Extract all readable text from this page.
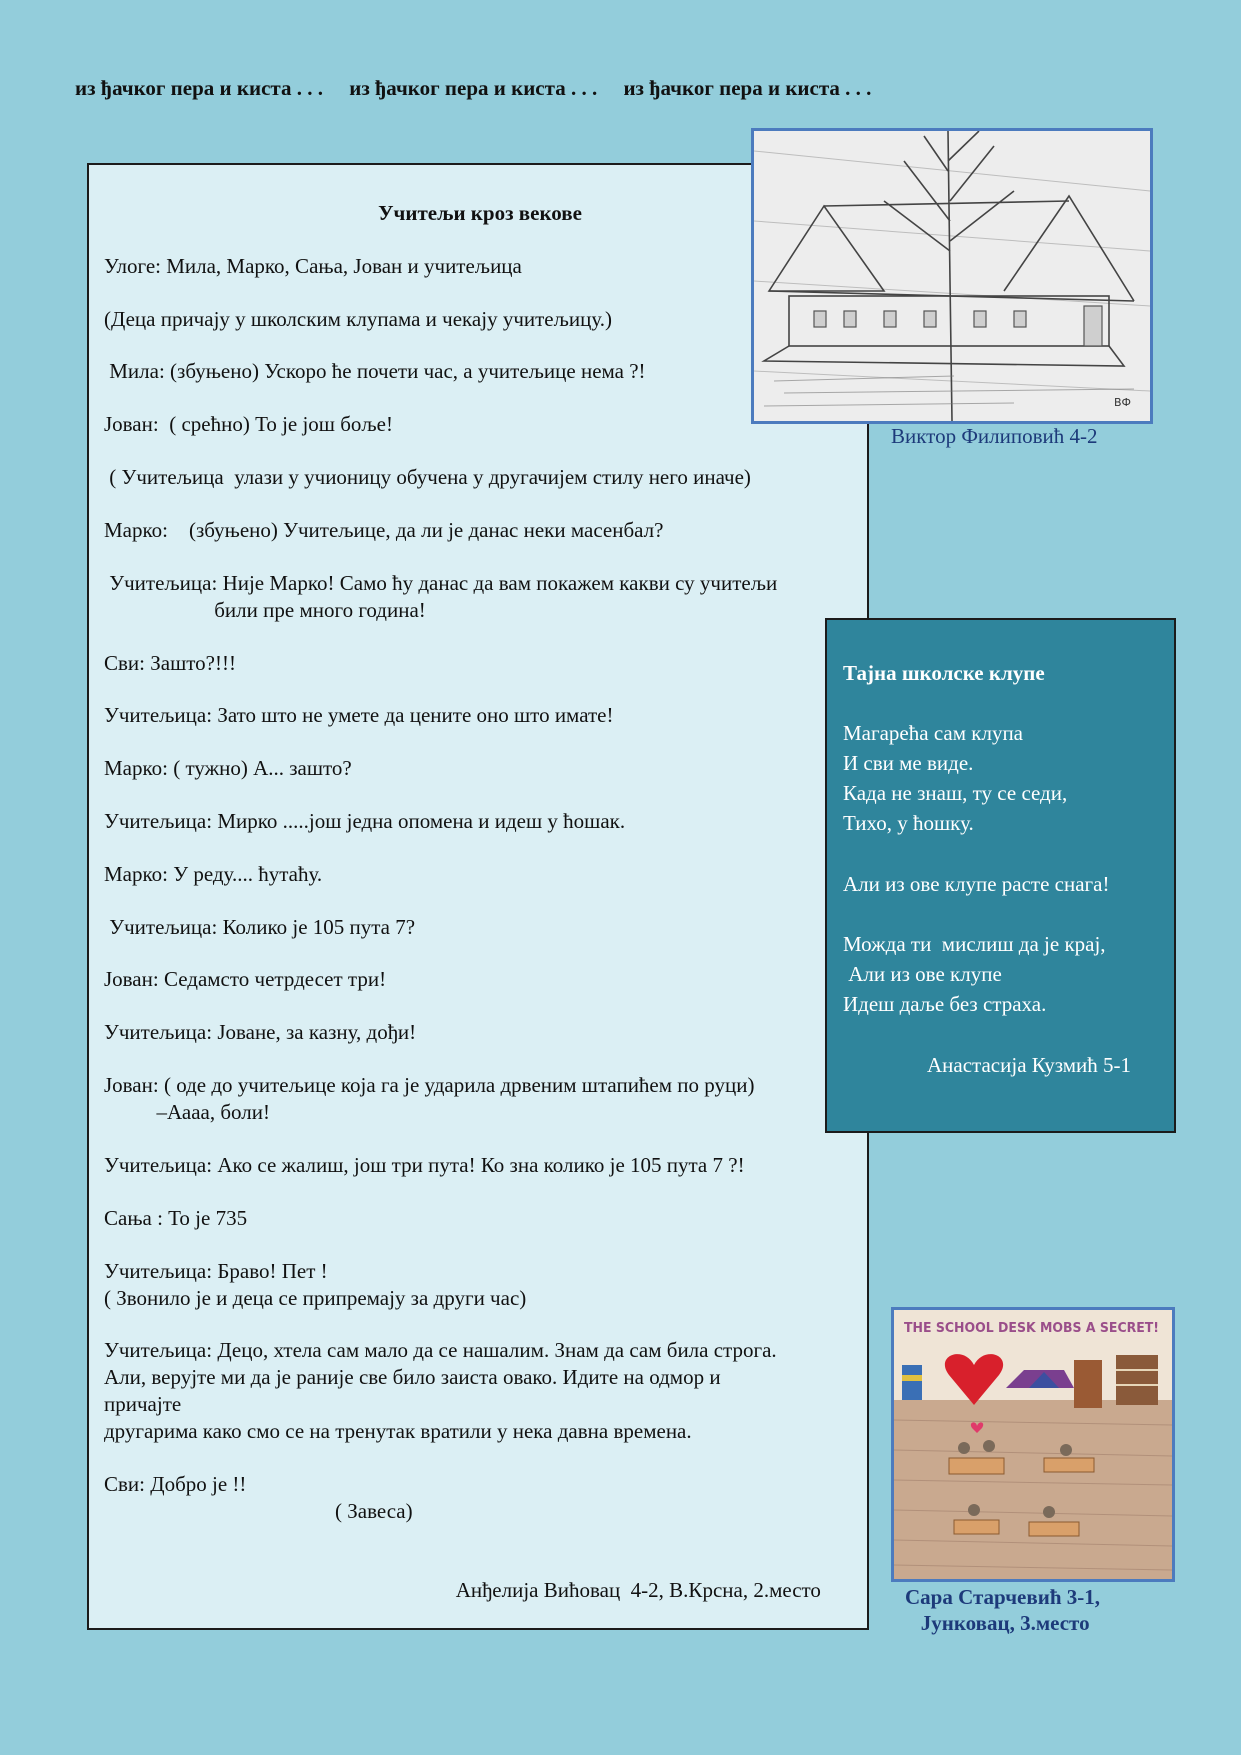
из ђачког пера и киста . . .     из ђачког пера и киста . . .     из ђачког пера и киста . . .
Учитељи кроз векове
Улоге: Мила, Марко, Сања, Јован и учитељица
(Деца причају у школским клупама и чекају учитељицу.)
Мила: (збуњено) Ускоро ће почети час, а учитељице нема ?!
Јован:  ( срећно) То је још боље!
( Учитељица  улази у учионицу обучена у другачијем стилу него иначе)
Марко:    (збуњено) Учитељице, да ли је данас неки масенбал?
Учитељица: Није Марко! Само ћу данас да вам покажем какви су учитељи
били пре много година!
Сви: Зашто?!!!
Учитељица: Зато што не умете да цените оно што имате!
Марко: ( тужно) А... зашто?
Учитељица: Мирко .....још једна опомена и идеш у ћошак.
Марко: У реду.... ћутаћу.
Учитељица: Колико је 105 пута 7?
Јован: Седамсто четрдесет три!
Учитељица: Јоване, за казну, дођи!
Јован: ( оде до учитељице која га је ударила дрвеним штапићем по руци)
–Аааа, боли!
Учитељица: Ако се жалиш, још три пута! Ко зна колико је 105 пута 7 ?!
Сања : То је 735
Учитељица: Браво! Пет !
( Звонило је и деца се припремају за други час)
Учитељица: Децо, хтела сам мало да се нашалим. Знам да сам била строга.
Али, верујте ми да је раније све било заиста овако. Идите на одмор и
причајте
другарима како смо се на тренутак вратили у нека давна времена.
Сви: Добро је !!
( Завеса)
Анђелија Вићовац  4-2, В.Крсна, 2.место
ВФ
Виктор Филиповић 4-2
Тајна школске клупе
Магарећа сам клупа
И сви ме виде.
Када не знаш, ту се седи,
Тихо, у ћошку.
Али из ове клупе расте снага!
Можда ти  мислиш да је крај,
Али из ове клупе
Идеш даље без страха.
Анастасија Кузмић 5-1
THE SCHOOL DESK MOBS A SECRET!
Сара Старчевић 3-1,
Јунковац, 3.место
